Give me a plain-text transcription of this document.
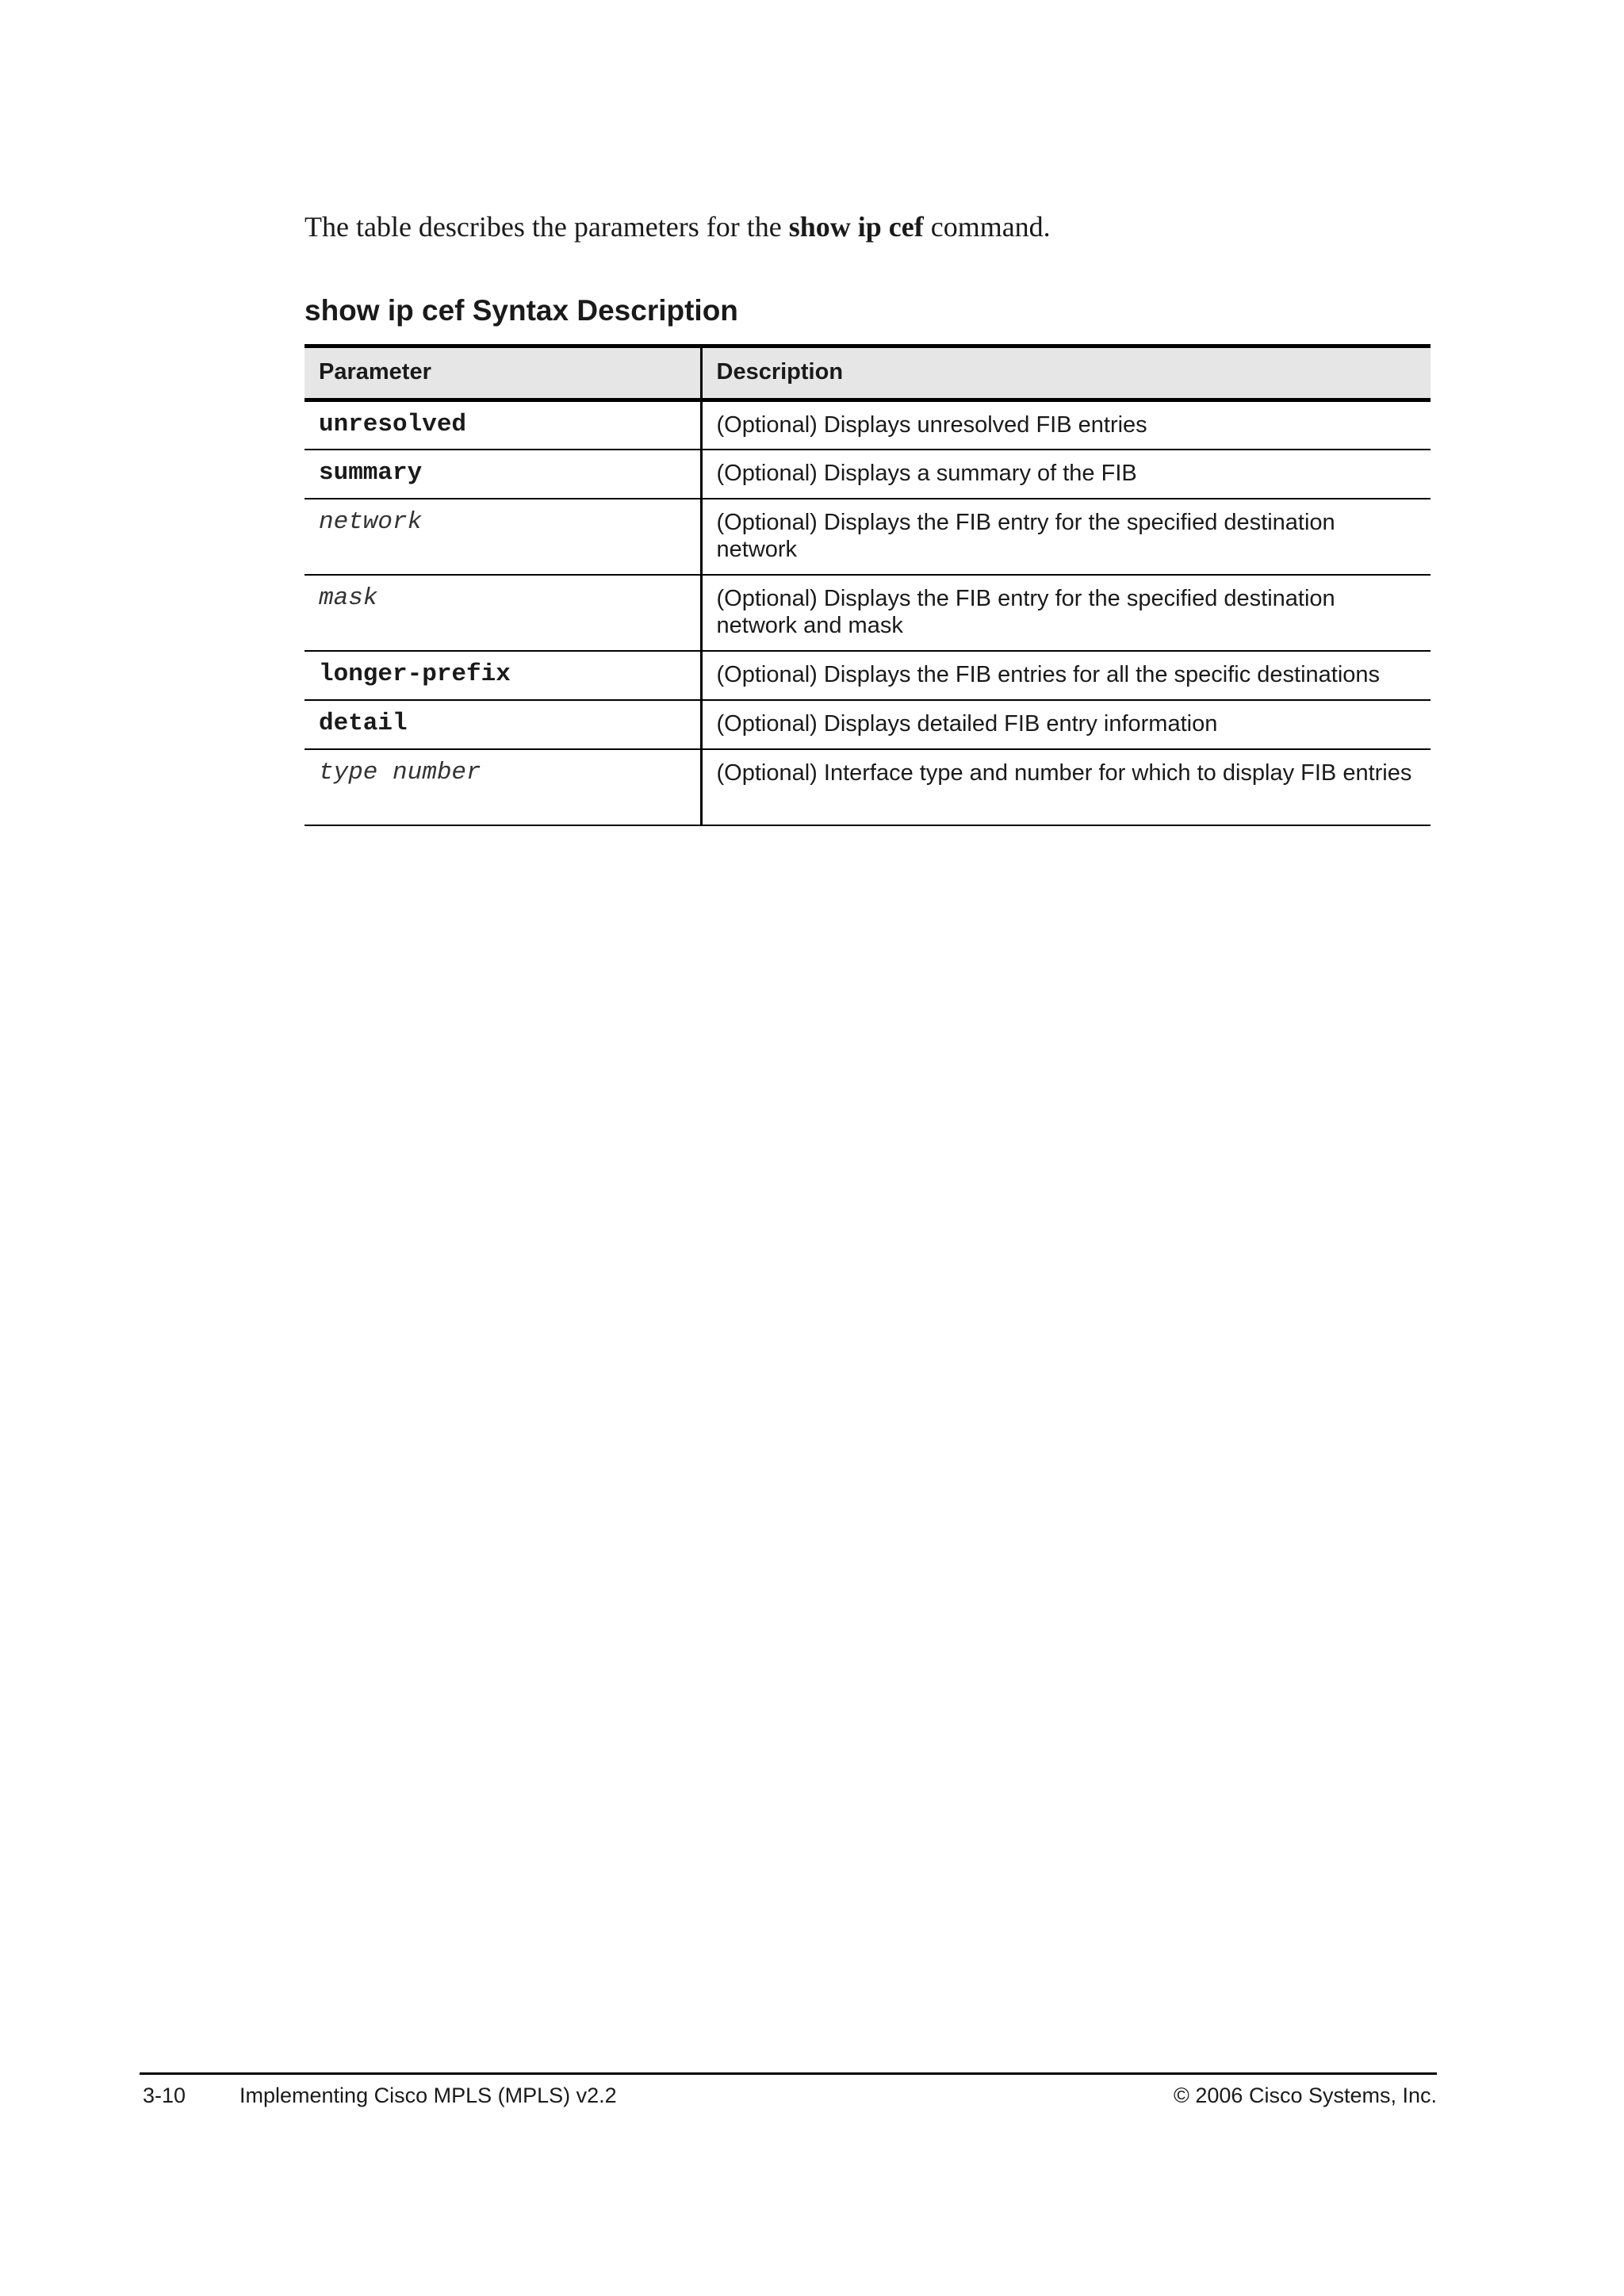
The table describes the parameters for the show ip cef command.

show ip cef Syntax Description
Parameter	Description
unresolved	(Optional) Displays unresolved FIB entries
summary	(Optional) Displays a summary of the FIB
network	(Optional) Displays the FIB entry for the specified destination network
mask	(Optional) Displays the FIB entry for the specified destination network and mask
longer-prefix	(Optional) Displays the FIB entries for all the specific destinations
detail	(Optional) Displays detailed FIB entry information
type number	(Optional) Interface type and number for which to display FIB entries
3-10	Implementing Cisco MPLS (MPLS) v2.2	© 2006 Cisco Systems, Inc.
